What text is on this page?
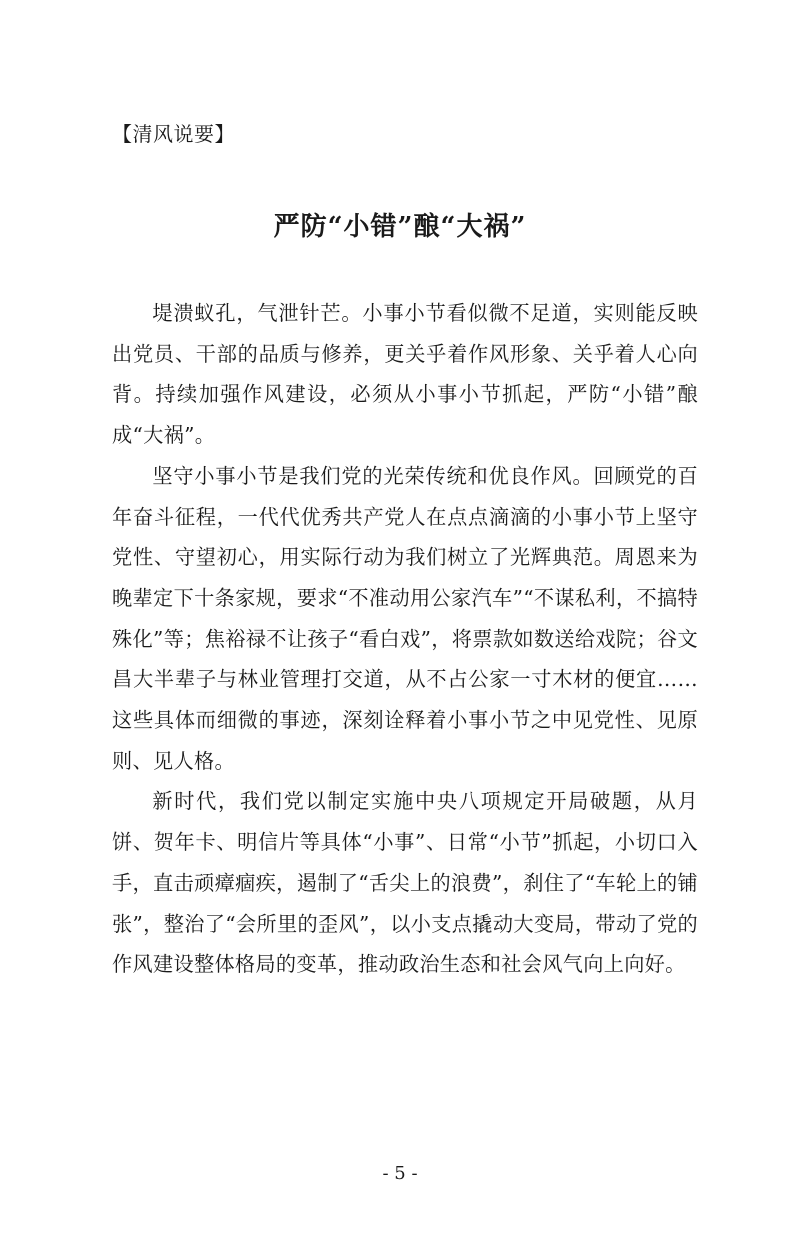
【清风说要】
严防“小错”酿“大祸”

堤溃蚁孔，气泄针芒。小事小节看似微不足道，实则能反映出党员、干部的品质与修养，更关乎着作风形象、关乎着人心向背。持续加强作风建设，必须从小事小节抓起，严防“小错”酿成“大祸”。

坚守小事小节是我们党的光荣传统和优良作风。回顾党的百年奋斗征程，一代代优秀共产党人在点点滴滴的小事小节上坚守党性、守望初心，用实际行动为我们树立了光辉典范。周恩来为晚辈定下十条家规，要求“不准动用公家汽车”“不谋私利，不搞特殊化”等；焦裕禄不让孩子“看白戏”，将票款如数送给戏院；谷文昌大半辈子与林业管理打交道，从不占公家一寸木材的便宜……这些具体而细微的事迹，深刻诠释着小事小节之中见党性、见原则、见人格。

新时代，我们党以制定实施中央八项规定开局破题，从月饼、贺年卡、明信片等具体“小事”、日常“小节”抓起，小切口入手，直击顽瘴痼疾，遏制了“舌尖上的浪费”，刹住了“车轮上的铺张”，整治了“会所里的歪风”，以小支点撬动大变局，带动了党的作风建设整体格局的变革，推动政治生态和社会风气向上向好。

- 5 -
